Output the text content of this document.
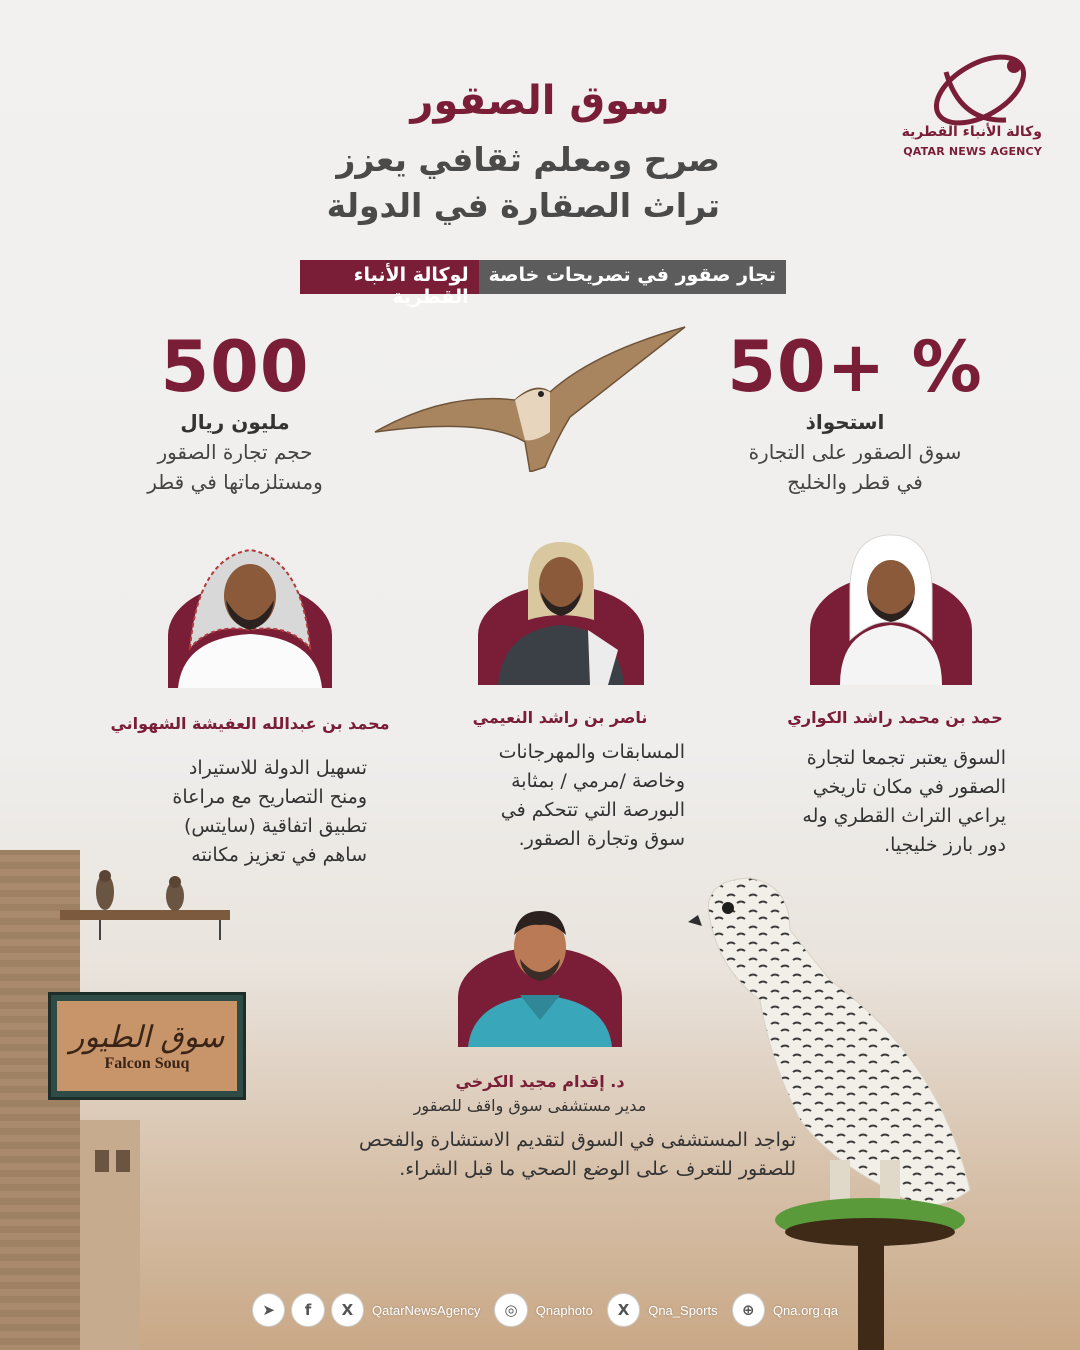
سوق الطيور
Falcon Souq
سوق الصقور
صرح ومعلم ثقافي يعزز
تراث الصقارة في الدولة
وكالة الأنباء القطرية
QATAR NEWS AGENCY
تجار صقور في تصريحات خاصة
لوكالة الأنباء القطرية
50+ %
استحواذ
سوق الصقور على التجارة
في قطر والخليج
500
مليون ريال
حجم تجارة الصقور
ومستلزماتها في قطر
حمد بن محمد راشد الكواري
السوق يعتبر تجمعا لتجارة
الصقور في مكان تاريخي
يراعي التراث القطري وله
دور بارز خليجيا.
ناصر بن راشد النعيمي
المسابقات والمهرجانات
وخاصة /مرمي / بمثابة
البورصة التي تتحكم في
سوق وتجارة الصقور.
محمد بن عبدالله العفيشة الشهواني
تسهيل الدولة للاستيراد
ومنح التصاريح مع مراعاة
تطبيق اتفاقية (سايتس)
ساهم في تعزيز مكانته
د. إقدام مجيد الكرخي
مدير مستشفى سوق واقف للصقور
تواجد المستشفى في السوق لتقديم الاستشارة والفحص
للصقور للتعرف على الوضع الصحي ما قبل الشراء.
➤	f	X	QatarNewsAgency	◎	Qnaphoto	X	Qna_Sports	⊕	Qna.org.qa
